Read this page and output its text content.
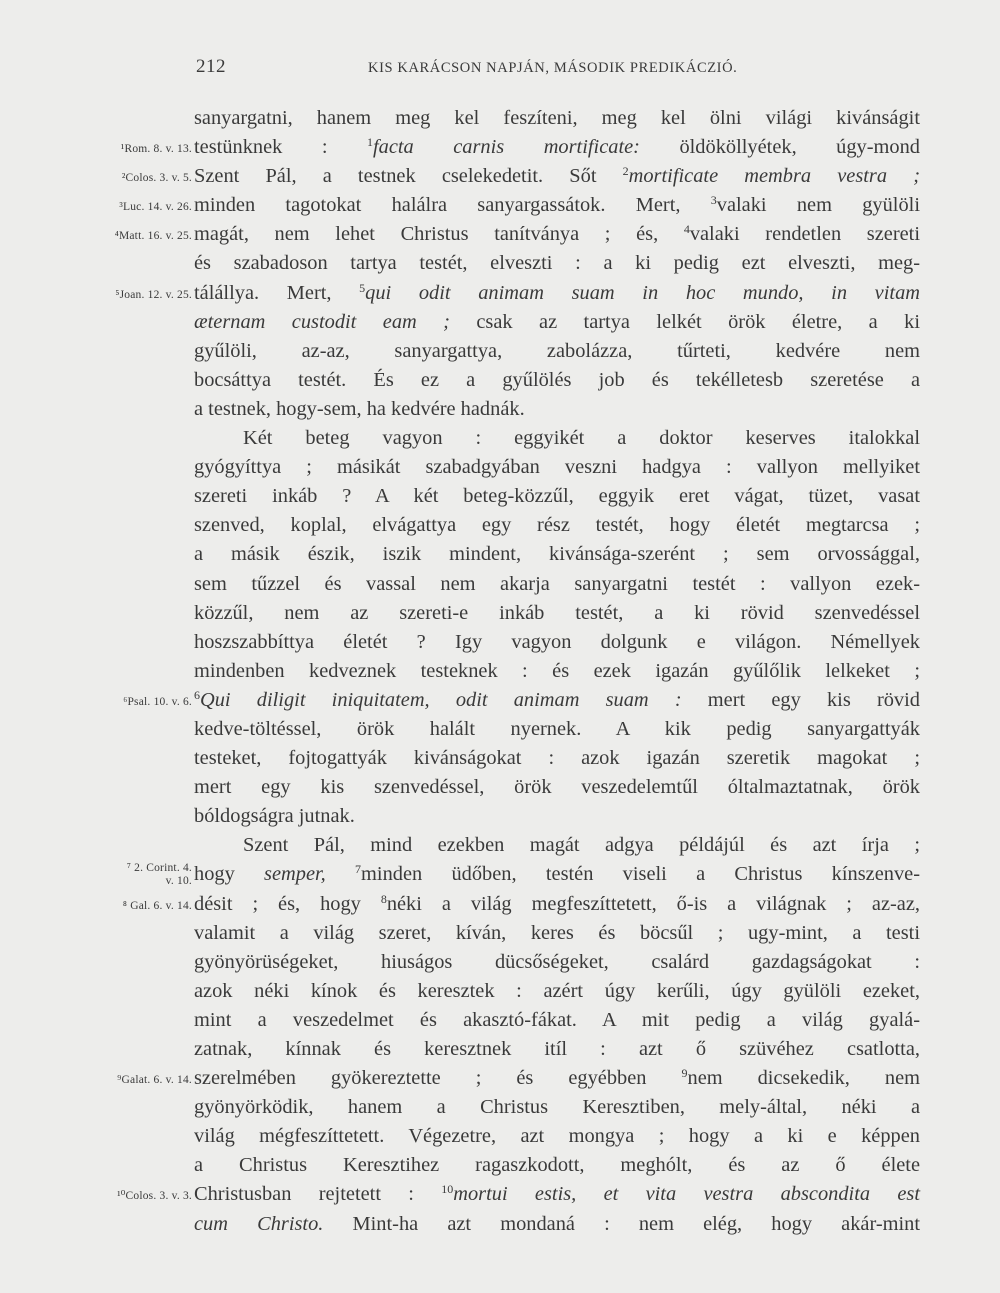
212	KIS KARÁCSON NAPJÁN, MÁSODIK PREDIKÁCZIÓ.
sanyargatni, hanem meg kel feszíteni, meg kel ölni világi kivánságit
¹Rom. 8. v. 13. testünknek : $^1$facta carnis mortificate: öldököllyétek, úgy-mond
²Colos. 3. v. 5. Szent Pál, a testnek cselekedetit. Sőt $^2$mortificate membra vestra ;
³Luc. 14. v. 26. minden tagotokat halálra sanyargassátok. Mert, $^3$valaki nem gyülöli
⁴Matt. 16. v. 25. magát, nem lehet Christus tanítványa ; és, $^4$valaki rendetlen szereti
és szabadoson tartya testét, elveszti : a ki pedig ezt elveszti, meg-
⁵Joan. 12. v. 25. tálállya. Mert, $^5$qui odit animam suam in hoc mundo, in vitam
æternam custodit eam ; csak az tartya lelkét örök életre, a ki
gyűlöli, az-az, sanyargattya, zabolázza, tűrteti, kedvére nem
bocsáttya testét. És ez a gyűlölés job és tekélletesb szeretése a
a testnek, hogy-sem, ha kedvére hadnák.
Két beteg vagyon : eggyikét a doktor keserves italokkal
gyógyíttya ; másikát szabadgyában veszni hadgya : vallyon mellyiket
szereti inkáb ? A két beteg-közzűl, eggyik eret vágat, tüzet, vasat
szenved, koplal, elvágattya egy rész testét, hogy életét megtarcsa ;
a másik észik, iszik mindent, kivánsága-szerént ; sem orvossággal,
sem tűzzel és vassal nem akarja sanyargatni testét : vallyon ezek-
közzűl, nem az szereti-e inkáb testét, a ki rövid szenvedéssel
hoszszabbíttya életét ? Igy vagyon dolgunk e világon. Némellyek
mindenben kedveznek testeknek : és ezek igazán gyűlőlik lelkeket ;
⁶Psal. 10. v. 6. $^6$Qui diligit iniquitatem, odit animam suam : mert egy kis rövid
kedve-töltéssel, örök halált nyernek. A kik pedig sanyargattyák
testeket, fojtogattyák kivánságokat : azok igazán szeretik magokat ;
mert egy kis szenvedéssel, örök veszedelemtűl óltalmaztatnak, örök
bóldogságra jutnak.
Szent Pál, mind ezekben magát adgya példájúl és azt írja ;
⁷ 2. Corint. 4.
v. 10. hogy semper, $^7$minden üdőben, testén viseli a Christus kínszenve-
⁸ Gal. 6. v. 14. désit ; és, hogy $^8$néki a világ megfeszíttetett, ő-is a világnak ; az-az,
valamit a világ szeret, kíván, keres és böcsűl ; ugy-mint, a testi
gyönyörüségeket, hiuságos dücsőségeket, csalárd gazdagságokat :
azok néki kínok és keresztek : azért úgy kerűli, úgy gyülöli ezeket,
mint a veszedelmet és akasztó-fákat. A mit pedig a világ gyalá-
zatnak, kínnak és keresztnek itíl : azt ő szüvéhez csatlotta,
⁹Galat. 6. v. 14. szerelmében gyökereztette ; és egyébben $^9$nem dicsekedik, nem
gyönyörködik, hanem a Christus Keresztiben, mely-által, néki a
világ mégfeszíttetett. Végezetre, azt mongya ; hogy a ki e képpen
a Christus Keresztihez ragaszkodott, meghólt, és az ő élete
¹⁰Colos. 3. v. 3. Christusban rejtetett : $^{10}$mortui estis, et vita vestra abscondita est
cum Christo. Mint-ha azt mondaná : nem elég, hogy akár-mint
